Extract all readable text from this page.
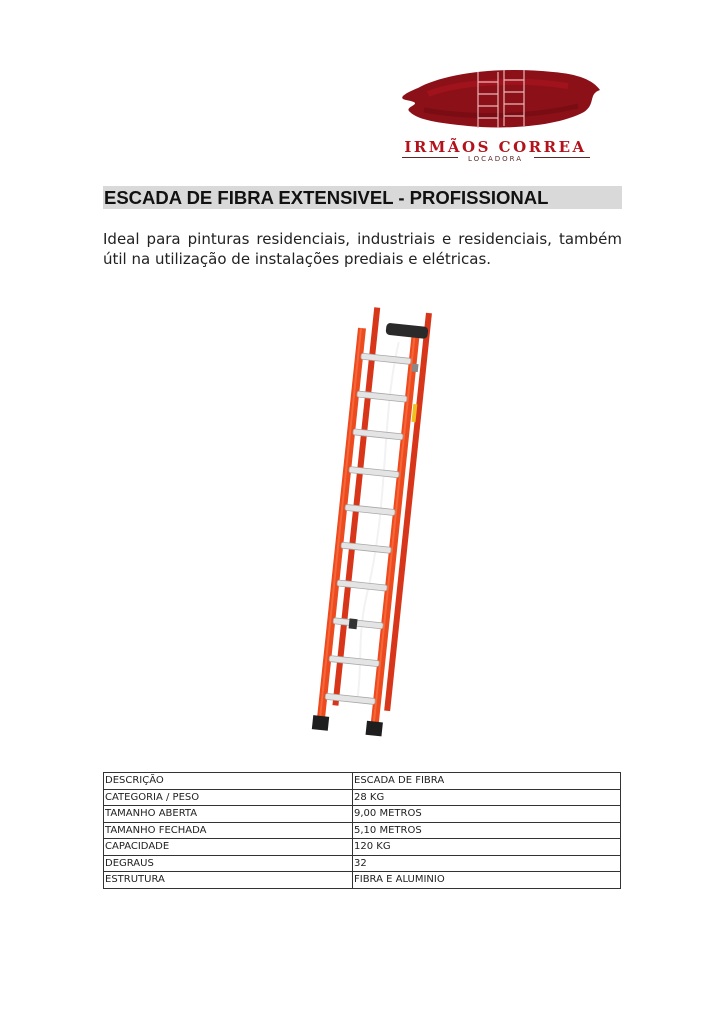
IRMÃOS CORREA
LOCADORA
ESCADA DE FIBRA EXTENSIVEL - PROFISSIONAL
Ideal para pinturas residenciais, industriais e residenciais, também útil na utilização de instalações prediais e elétricas.
DESCRIÇÃO	ESCADA DE FIBRA
CATEGORIA / PESO	28 KG
TAMANHO ABERTA	9,00 METROS
TAMANHO FECHADA	5,10 METROS
CAPACIDADE	120 KG
DEGRAUS	32
ESTRUTURA	FIBRA E ALUMINIO
